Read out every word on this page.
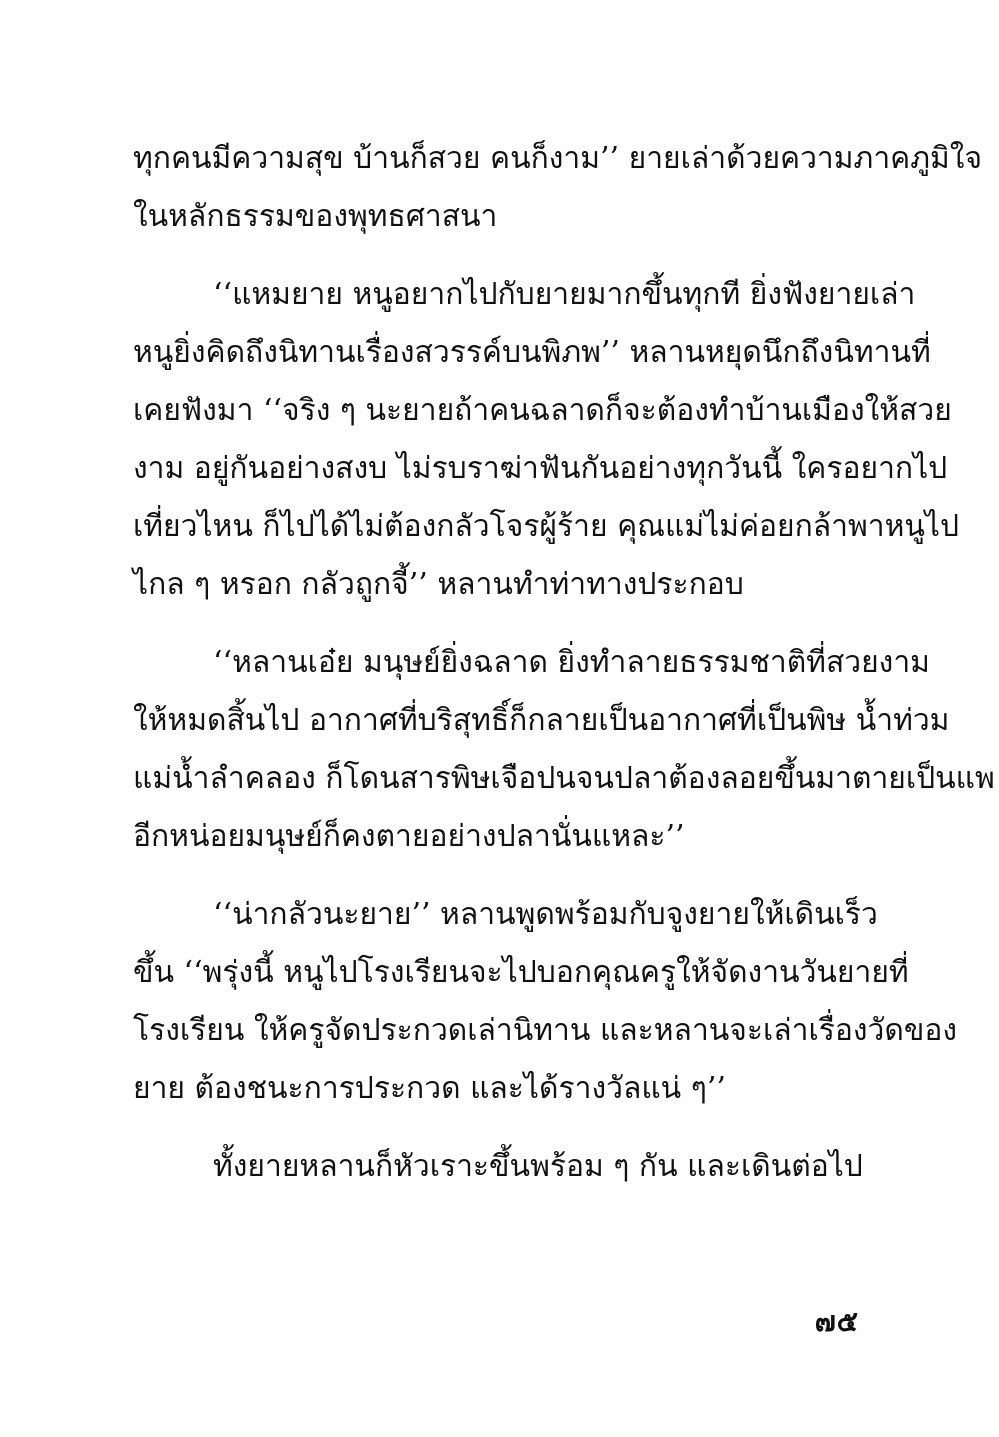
ทุกคนมีความสุข บ้านก็สวย คนก็งาม’’ ยายเล่าด้วยความภาคภูมิใจ
ในหลักธรรมของพุทธศาสนา
‘‘แหมยาย หนูอยากไปกับยายมากขึ้นทุกที ยิ่งฟังยายเล่า
หนูยิ่งคิดถึงนิทานเรื่องสวรรค์บนพิภพ’’ หลานหยุดนึกถึงนิทานที่
เคยฟังมา ‘‘จริง ๆ นะยายถ้าคนฉลาดก็จะต้องทำบ้านเมืองให้สวย
งาม อยู่กันอย่างสงบ ไม่รบราฆ่าฟันกันอย่างทุกวันนี้ ใครอยากไป
เที่ยวไหน ก็ไปได้ไม่ต้องกลัวโจรผู้ร้าย คุณแม่ไม่ค่อยกล้าพาหนูไป
ไกล ๆ หรอก กลัวถูกจี้’’ หลานทำท่าทางประกอบ
‘‘หลานเอ๋ย มนุษย์ยิ่งฉลาด ยิ่งทำลายธรรมชาติที่สวยงาม
ให้หมดสิ้นไป อากาศที่บริสุทธิ์ก็กลายเป็นอากาศที่เป็นพิษ น้ำท่วม
แม่น้ำลำคลอง ก็โดนสารพิษเจือปนจนปลาต้องลอยขึ้นมาตายเป็นแพ
อีกหน่อยมนุษย์ก็คงตายอย่างปลานั่นแหละ’’
‘‘น่ากลัวนะยาย’’ หลานพูดพร้อมกับจูงยายให้เดินเร็ว
ขึ้น ‘‘พรุ่งนี้ หนูไปโรงเรียนจะไปบอกคุณครูให้จัดงานวันยายที่
โรงเรียน ให้ครูจัดประกวดเล่านิทาน และหลานจะเล่าเรื่องวัดของ
ยาย ต้องชนะการประกวด และได้รางวัลแน่ ๆ’’
ทั้งยายหลานก็หัวเราะขึ้นพร้อม ๆ กัน และเดินต่อไป
๗๕
